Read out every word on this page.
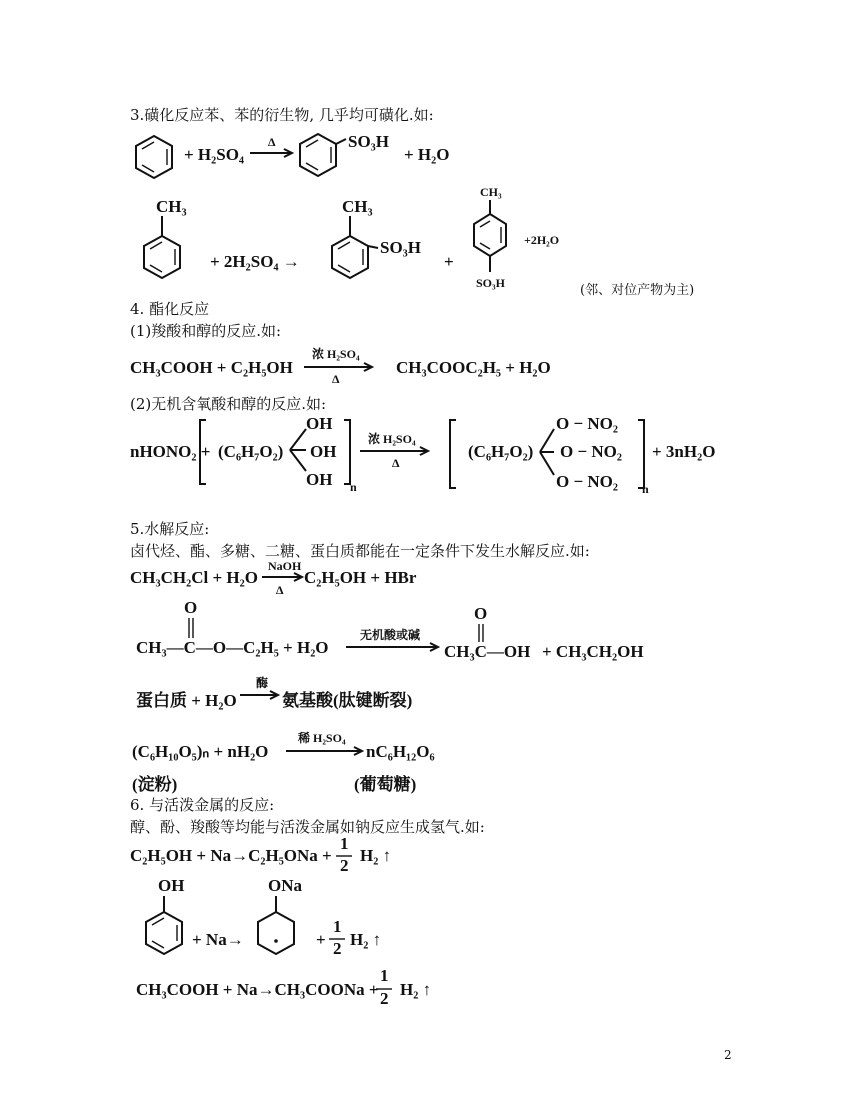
3.磺化反应苯、苯的衍生物, 几乎均可磺化.如:
+ H₂SO₄
Δ	SO₃H
+ H₂O
CH₃
+ 2H₂SO₄ →
CH₃
SO₃H
+
CH₃
SO₃H
+2H₂O
(邻、对位产物为主)
4. 酯化反应
(1)羧酸和醇的反应.如:
CH₃COOH + C₂H₅OH
浓 H₂SO₄
Δ
CH₃COOC₂H₅ + H₂O
(2)无机含氧酸和醇的反应.如:
nHONO₂ + (C₆H₇O₂)
OH
OH
OH n
浓 H₂SO₄
Δ
(C₆H₇O₂)
O − NO₂
O − NO₂
O − NO₂ n
+ 3nH₂O
5.水解反应:
卤代烃、酯、多糖、二糖、蛋白质都能在一定条件下发生水解反应.如:
CH₃CH₂Cl + H₂O
NaOH
Δ
C₂H₅OH + HBr
O
CH₃—C—O—C₂H₅ + H₂O
无机酸或碱
O
CH₃C—OH + CH₃CH₂OH
蛋白质 + H₂O
酶
→ 氨基酸(肽键断裂)
(C₆H₁₀O₅)ₙ + nH₂O
稀 H₂SO₄
nC₆H₁₂O₆
(淀粉)	(葡萄糖)
6. 与活泼金属的反应:
醇、酚、羧酸等均能与活泼金属如钠反应生成氢气.如:
C₂H₅OH + Na→C₂H₅ONa +
1
2
H₂ ↑
OH
+ Na→
ONa
+
1
2 H₂ ↑
CH₃COOH + Na→CH₃COONa +
1
2 H₂ ↑
2
